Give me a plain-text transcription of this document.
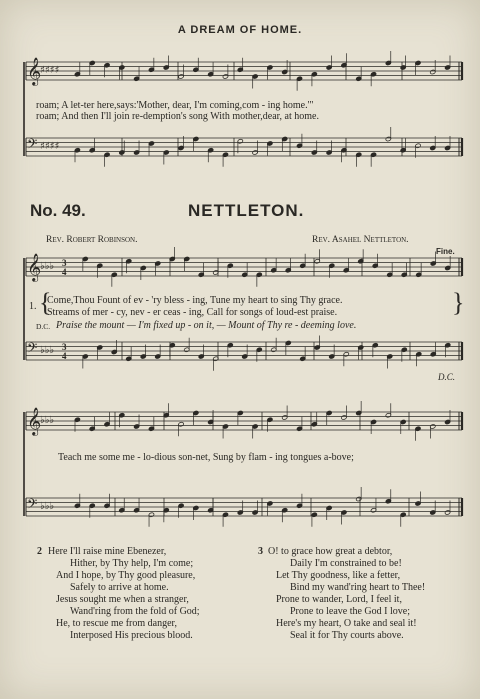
𝄞
♯♯♯♯
𝄢 ♯♯♯♯
𝄞
♭♭♭ 3
4
𝄢 ♭♭♭ 3
4
𝄞
♭♭♭
𝄢 ♭♭♭
A DREAM OF HOME.
roam; A let-ter here,says:'Mother, dear, I'm coming,com - ing home.'"
roam; And then I'll join re-demption's song With mother,dear, at home.
No. 49.	NETTLETON.
Rev. Robert Robinson.	Rev. Asahel Nettleton.
Fine.
1. {	}
Come,Thou Fount of ev - 'ry bless - ing, Tune my heart to sing Thy grace.
Streams of mer - cy, nev - er ceas - ing, Call for songs of loud-est praise.
D.C. Praise the mount — I'm fixed up - on it, — Mount of Thy re - deeming love.
D.C.
Teach me some me - lo-dious son-net, Sung by flam - ing tongues a-bove;
2 Here I'll raise mine Ebenezer,
Hither, by Thy help, I'm come;
And I hope, by Thy good pleasure,
Safely to arrive at home.
Jesus sought me when a stranger,
Wand'ring from the fold of God;
He, to rescue me from danger,
Interposed His precious blood.
3 O! to grace how great a debtor,
Daily I'm constrained to be!
Let Thy goodness, like a fetter,
Bind my wand'ring heart to Thee!
Prone to wander, Lord, I feel it,
Prone to leave the God I love;
Here's my heart, O take and seal it!
Seal it for Thy courts above.
